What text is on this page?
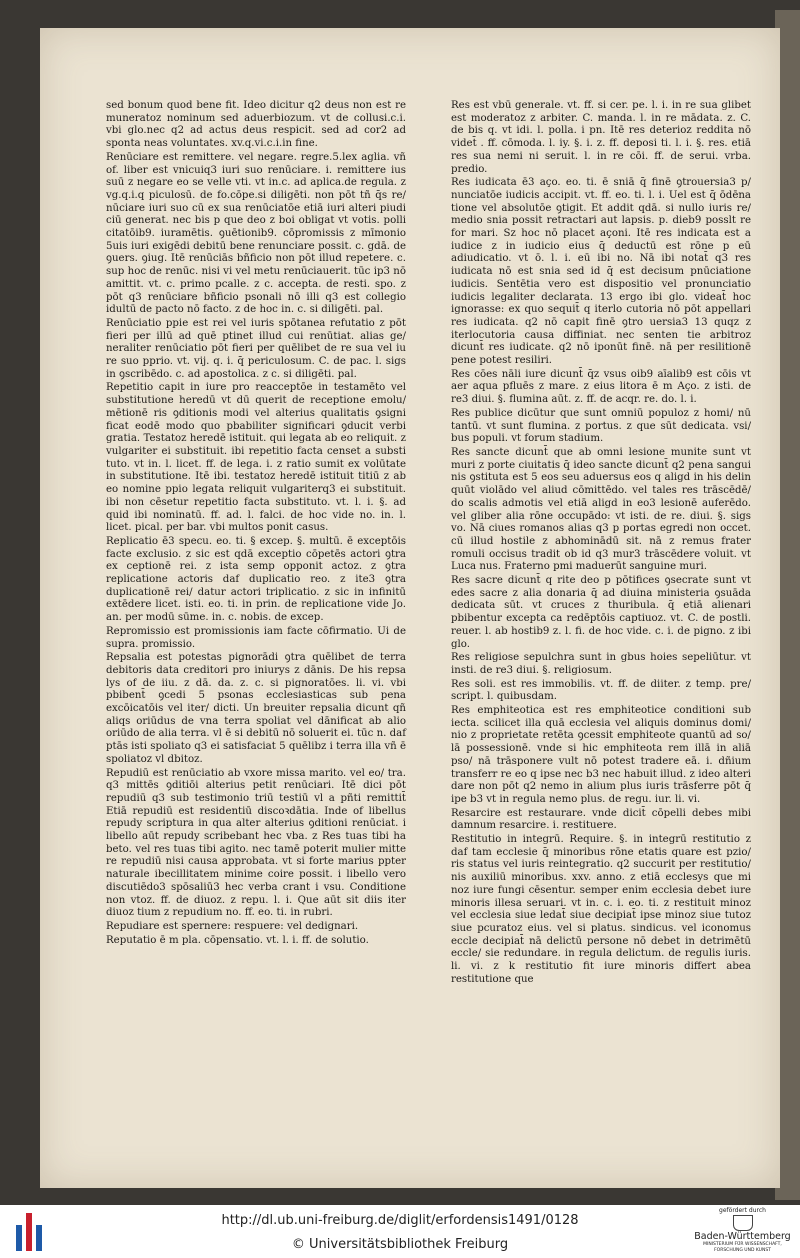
sed bonum quod bene fit. Ideo dicitur q2 deus non est re muneratoz nominum sed aduerbiozum. vt de collusi.c.i. vbi glo.nec q2 ad actus deus respicit. sed ad cor2 ad sponta neas voluntates. xv.q.vi.c.i.in fine.

Renūciare est remittere. vel negare. regre.5.lex aglia. vñ of. liber est vnicuiq3 iuri suo renūciare. i. remittere ius suū z negare eo se velle vti. vt in.c. ad aplica.de regula. z vg.q.i.q piculosū. de fo.cōpe.si diligēti. non pōt tñ q̄s re/ nūciare iuri suo cū ex sua renūciatōe etiā iuri alteri piudi ciū generat. nec bis p que deo z boi obligat vt votis. polli citatōib9. iuramētis. ꝯuētionib9. cōpromissis z mīmonio 5uis iuri exigēdi debitū bene renunciare possit. c. gdā. de ꝯuers. ꝯiug. Itē renūciās bñficio non pōt illud repetere. c. sup hoc de renūc. nisi vi vel metu renūciauerit. tūc ip3 nō amittit. vt. c. primo pcalle. z c. accepta. de resti. spo. z pōt q3 renūciare bñficio psonali nō illi q3 est collegio idultū de pacto nō facto. z de hoc in. c. si diligēti. pal.

Renūciatio ppie est rei vel iuris spōtanea refutatio z pōt fieri per illū ad quē ptinet illud cui renūtiat. alias ge/ neraliter renūciatio pōt fieri per quēlibet de re sua vel iu re suo pprio. vt. vij. q. i. q̄ periculosum. C. de pac. l. sigs in ꝯscribēdo. c. ad apostolica. z c. si diligēti. pal.

Repetitio capit in iure pro reacceptōe in testamēto vel substitutione heredū vt dū querit de receptione emolu/ mētionē ris ꝯditionis modi vel alterius qualitatis ꝯsigni ficat eodē modo quo pbabiliter significari ꝯducit verbi gratia. Testatoz heredē istituit. qui legata ab eo reliquit. z vulgariter ei substituit. ibi repetitio facta censet a substi tuto. vt in. l. licet. ff. de lega. i. z ratio sumit ex volūtate in substitutione. Itē ibi. testatoz heredē istituit titiū z ab eo nomine ppio legata reliquit vulgariterq3 ei substituit. ibi non cēsetur repetitio facta substituto. vt. l. i. §. ad quid ibi nominatū. ff. ad. l. falci. de hoc vide no. in. l. licet. pical. per bar. vbi multos ponit casus.

Replicatio ē3 specu. eo. ti. § excep. §. multū. ē exceptōis facte exclusio. z sic est qdā exceptio cōpetēs actori ꝯtra ex ceptionē rei. z ista semp opponit actoz. z ꝯtra replicatione actoris daf duplicatio reo. z ite3 ꝯtra duplicationē rei/ datur actori triplicatio. z sic in infinitū extēdere licet. isti. eo. ti. in prin. de replicatione vide Jo. an. per modū sūme. in. c. nobis. de excep.

Repromissio est promissionis iam facte cōfirmatio. Ui de supra. promissio.

Repsalia est potestas pignorādi ꝯtra quēlibet de terra debitoris data creditori pro iniurys z dānis. De his repsa lys of de iiu. z dā. da. z. c. si pignoratōes. li. vi. vbi pbibent̄ ꝯcedi 5 psonas ecclesiasticas sub pena excōicatōis vel iter/ dicti. Un breuiter repsalia dicunt qñ aliqs oriūdus de vna terra spoliat vel dānificat ab alio oriūdo de alia terra. vl ē si debitū nō soluerit ei. tūc n. daf ptās isti spoliato q3 ei satisfaciat 5 quēlibz i terra illa vñ ē spoliatoz vl dbitoz.

Repudiū est renūciatio ab vxore missa marito. vel eo/ tra. q3 mittēs ꝯditiōi alterius petit renūciari. Itē dici pōt repudiū q3 sub testimonio triū testiū vl a pñti remittit̄ Etiā repudiū est residentiū discoꝛdātia. Inde of libellus repudy scriptura in qua alter alterius ꝯditioni renūciat. i libello aūt repudy scribebant hec vba. z Res tuas tibi ha beto. vel res tuas tibi agito. nec tamē poterit mulier mitte re repudiū nisi causa approbata. vt si forte marius ppter naturale ibecillitatem minime coire possit. i libello vero discutiēdo3 spōsaliū3 hec verba crant i vsu. Conditione non vtoz. ff. de diuoz. z repu. l. i. Que aūt sit diis iter diuoz tium z repudium no. ff. eo. ti. in rubri.

Repudiare est spernere: respuere: vel dedignari.

Reputatio ē m pla. cōpensatio. vt. l. i. ff. de solutio.

Res est vbū generale. vt. ff. si cer. pe. l. i. in re sua glibet est moderatoz z arbiter. C. manda. l. in re mādata. z. C. de bis q. vt idi. l. polla. i pn. Itē res deterioz reddita nō videt̄ . ff. cōmoda. l. iy. §. i. z. ff. deposi ti. l. i. §. res. etiā res sua nemi ni seruit. l. in re cōi. ff. de serui. vrba. predio.

Res iudicata ē3 aço. eo. ti. ē sniā q̄ finē ꝯtrouersia3 p/ nunciatōe iudicis accipit. vt. ff. eo. ti. l. i. Uel est q̄ ōdēna tione vel absolutōe ꝯtigit. Et addit qdā. si nullo iuris re/ medio snia possit retractari aut lapsis. p. dieb9 posslt re for mari. Sz hoc nō placet açoni. Itē res indicata est a iudice z in iudicio eius q̄ deductū est rōne p eū adiudicatio. vt ō. l. i. eū ibi no. Nā ibi notat̄ q3 res iudicata nō est snia sed id q̄ est decisum pnūciatione iudicis. Sentētia vero est dispositio vel pronunciatio iudicis legaliter declarata. 13 ergo ibi glo. videat̄ hoc ignorasse: ex quo sequit̄ q iterlo cutoria nō pōt appellari res iudicata. q2 nō capit finē ꝯtro uersia3 13 quqz z iterlocutoria causa diffiniat. nec senten tie arbitroz dicunt̄ res iudicate. q2 nō iponūt finē. nā per resilitionē pene potest resiliri.

Res cōes nāli iure dicunt̄ q̄z vsus oib9 aīalib9 est cōis vt aer aqua pfluēs z mare. z eius litora ē m Aço. z isti. de re3 diui. §. flumina aūt. z. ff. de acqr. re. do. l. i.

Res publice dicūtur que sunt omniū populoz z homi/ nū tantū. vt sunt flumina. z portus. z que sūt dedicata. vsi/ bus populi. vt forum stadium.

Res sancte dicunt̄ que ab omni lesione munite sunt vt muri z porte ciuitatis q̄ ideo sancte dicunt̄ q2 pena sangui nis ꝯstituta est 5 eos seu aduersus eos q aligd in his delin quūt violādo vel aliud cōmittēdo. vel tales res trāscēdē/ do scalis admotis vel etiā aligd in eo3 lesionē auferēdo. vel gliber alia rōne occupādo: vt isti. de re. diui. §. sigs vo. Nā ciues romanos alias q3 p portas egredi non occet. cū illud hostile z abhominādū sit. nā z remus frater romuli occisus tradit ob id q3 mur3 trāscēdere voluit. vt Luca nus. Fraterno pmi maduerūt sanguine muri.

Res sacre dicunt̄ q rite deo p pōtifices ꝯsecrate sunt vt edes sacre z alia donaria q̄ ad diuina ministeria ꝯsuāda dedicata sūt. vt cruces z thuribula. q̄ etiā alienari pbibentur excepta ca redēptōis captiuoz. vt. C. de postli. reuer. l. ab hostib9 z. l. fi. de hoc vide. c. i. de pigno. z ibi glo.

Res religiose sepulchra sunt in gbus hoies sepeliūtur. vt insti. de re3 diui. §. religiosum.

Res soli. est res immobilis. vt. ff. de diiter. z temp. pre/ script. l. quibusdam.

Res emphiteotica est res emphiteotice conditioni sub iecta. scilicet illa quā ecclesia vel aliquis dominus domi/ nio z proprietate retēta ꝯcessit emphiteote quantū ad so/ lā possessionē. vnde si hic emphiteota rem illā in aliā pso/ nā trāsponere vult nō potest tradere eā. i. dñium transferr re eo q ipse nec b3 nec habuit illud. z ideo alteri dare non pōt q2 nemo in alium plus iuris trāsferre pōt q̄ ipe b3 vt in regula nemo plus. de regu. iur. li. vi.

Resarcire est restaurare. vnde dicit̄ cōpelli debes mibi damnum resarcire. i. restituere.

Restitutio in integrū. Require. §. in integrū restitutio z daf tam ecclesie q̄ minoribus rōne etatis quare est pzio/ ris status vel iuris reintegratio. q2 succurit per restitutio/ nis auxiliū minoribus. xxv. anno. z etiā ecclesys que mi noz iure fungi cēsentur. semper enim ecclesia debet iure minoris illesa seruari. vt in. c. i. eo. ti. z restituit minoz vel ecclesia siue ledat̄ siue decipiat̄ ipse minoz siue tutoz siue pcuratoz eius. vel si platus. sindicus. vel iconomus eccle decipiat̄ nā delictū persone nō debet in detrimētū eccle/ sie redundare. in regula delictum. de regulis iuris. li. vi. z k restitutio fit iure minoris differt abea restitutione que

http://dl.ub.uni-freiburg.de/diglit/erfordensis1491/0128
© Universitätsbibliothek Freiburg
gefördert durch
Baden-Württemberg
MINISTERIUM FÜR WISSENSCHAFT, FORSCHUNG UND KUNST
